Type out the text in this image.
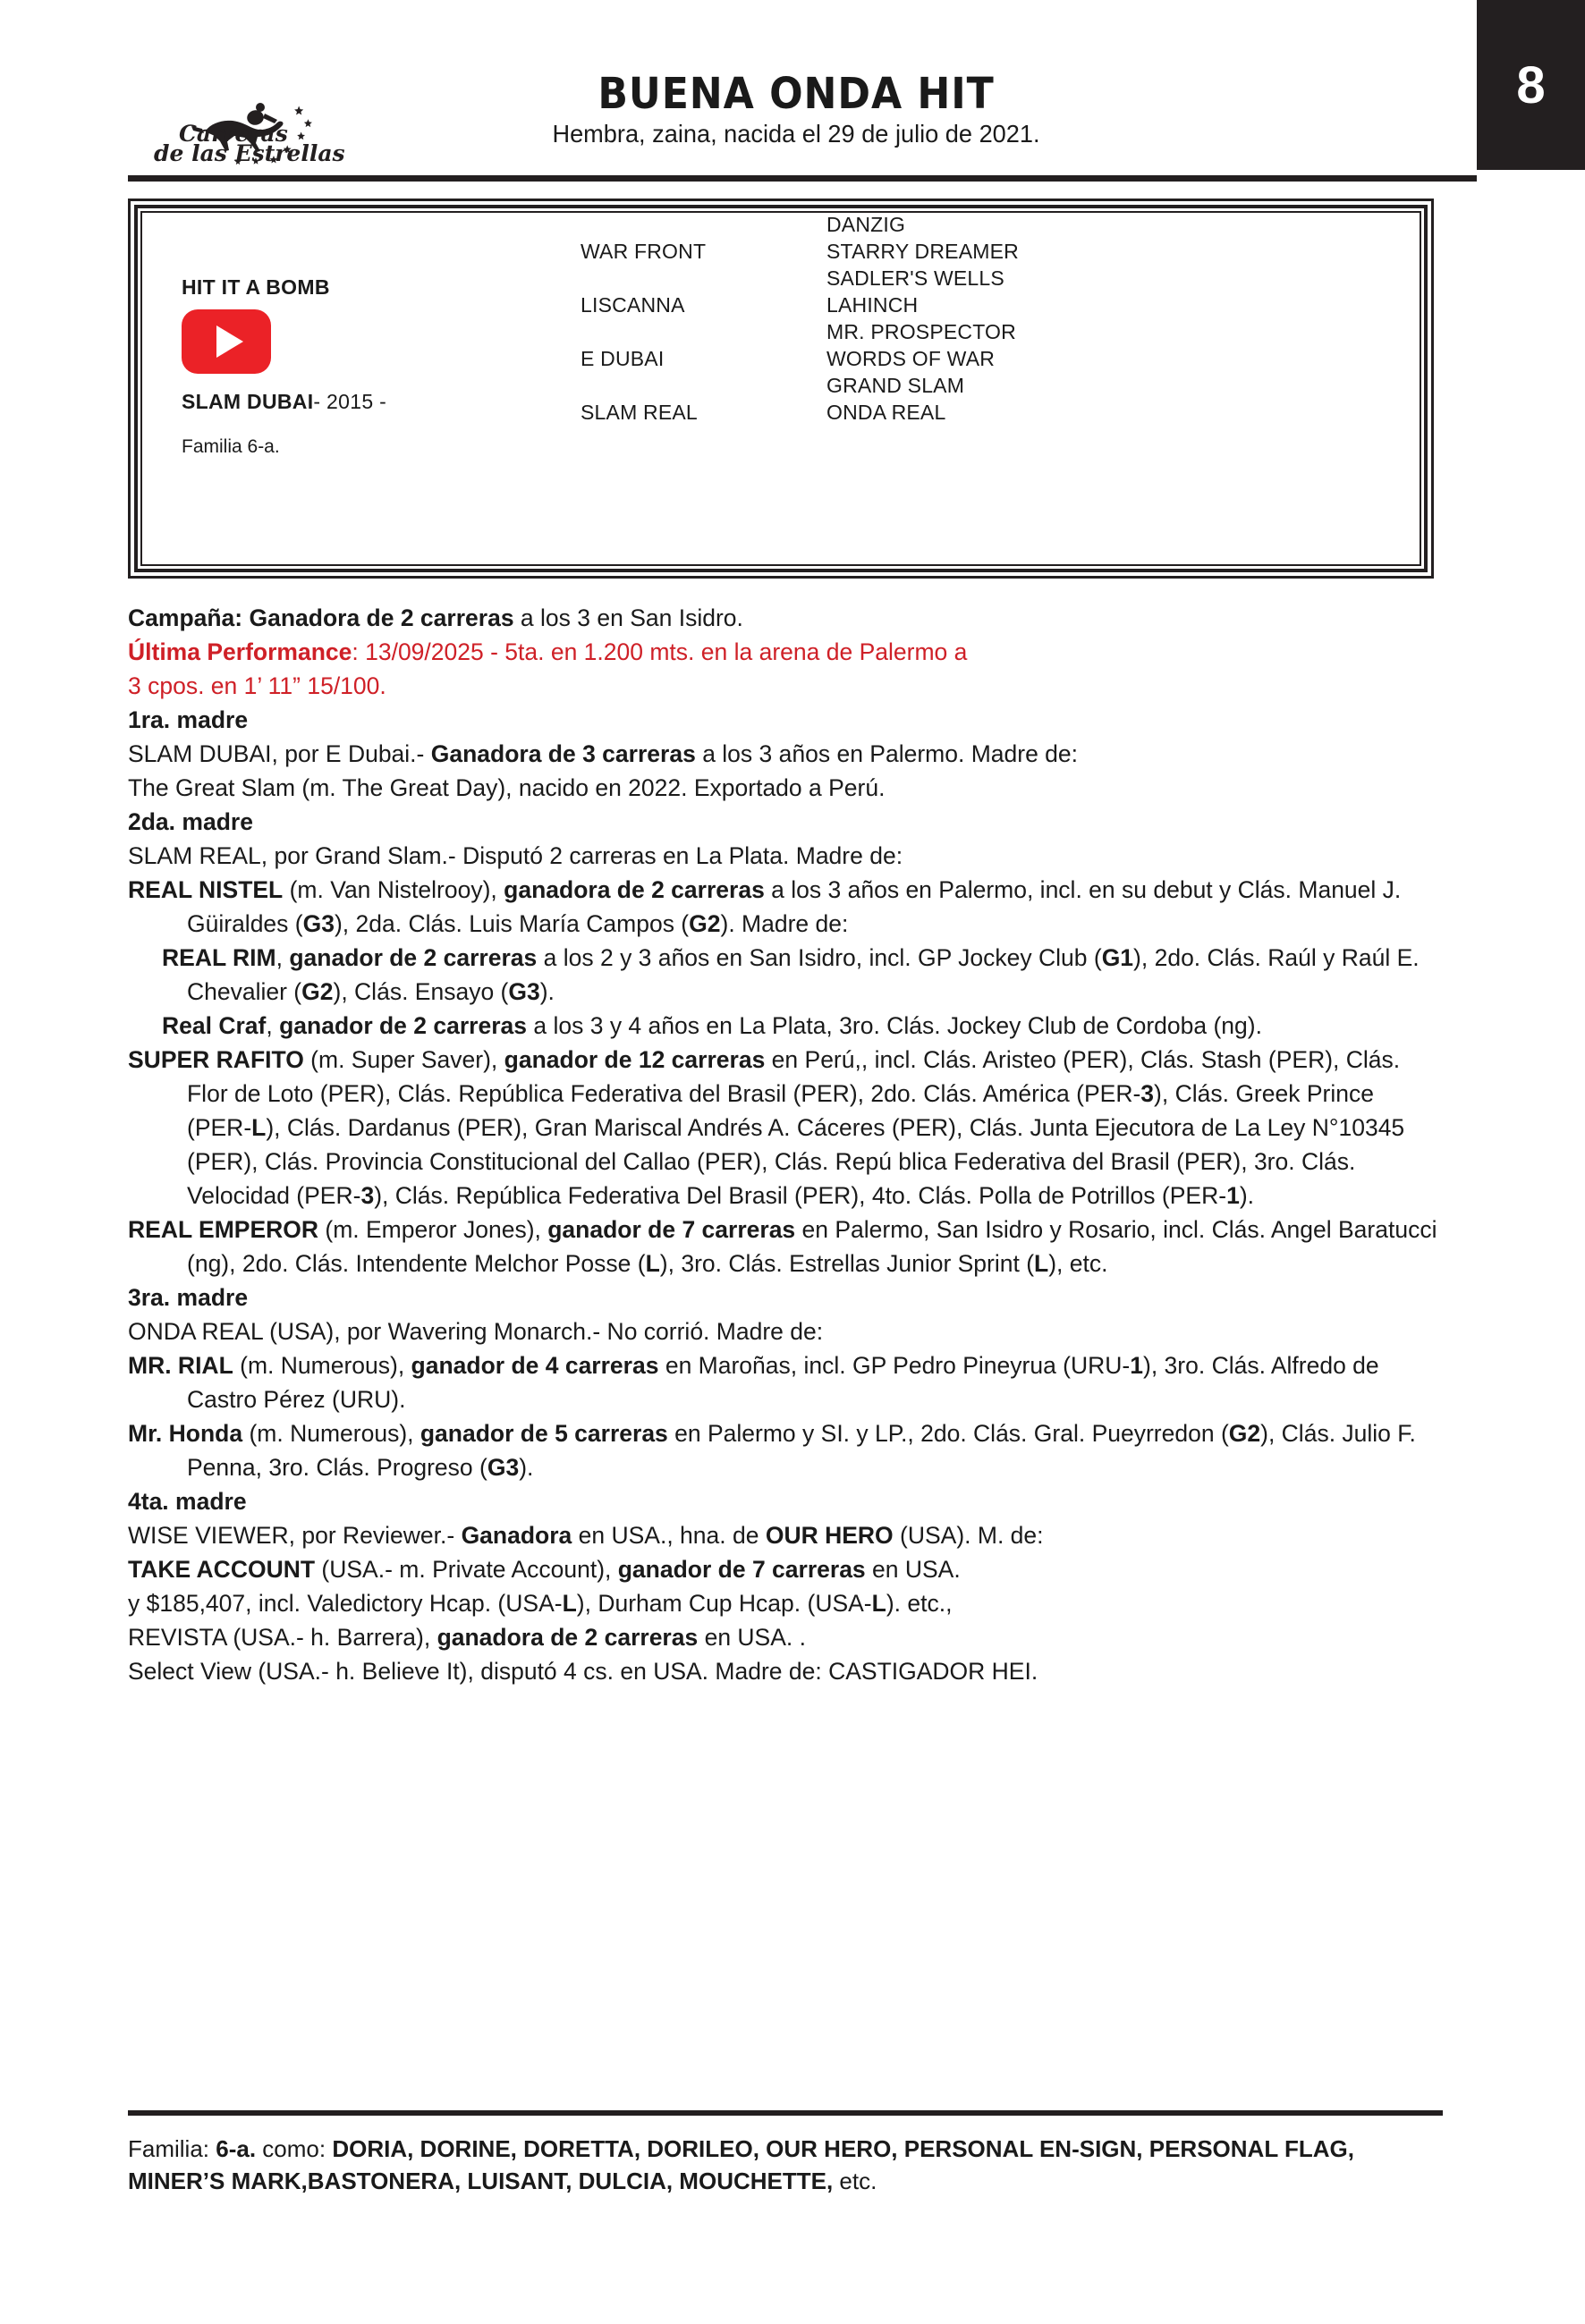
8
Carreras
de las Estrellas
BUENA ONDA HIT
Hembra, zaina, nacida el 29 de julio de 2021.
HIT IT A BOMB
SLAM DUBAI- 2015 -
Familia 6-a.
WAR FRONT
LISCANNA
E DUBAI
SLAM REAL
DANZIG
STARRY DREAMER
SADLER'S WELLS
LAHINCH
MR. PROSPECTOR
WORDS OF WAR
GRAND SLAM
ONDA REAL

Campaña: Ganadora de 2 carreras a los 3 en San Isidro.

Última Performance: 13/09/2025 - 5ta. en 1.200 mts. en la arena de Palermo a

3 cpos. en 1’ 11” 15/100.

1ra. madre

SLAM DUBAI, por E Dubai.- Ganadora de 3 carreras a los 3 años en Palermo. Madre de:

The Great Slam (m. The Great Day), nacido en 2022. Exportado a Perú.

2da. madre

SLAM REAL, por Grand Slam.- Disputó 2 carreras en La Plata. Madre de:

REAL NISTEL (m. Van Nistelrooy), ganadora de 2 carreras a los 3 años en Palermo, incl. en su debut y Clás. Manuel J. Güiraldes (G3), 2da. Clás. Luis María Campos (G2). Madre de:

REAL RIM, ganador de 2 carreras a los 2 y 3 años en San Isidro, incl. GP Jockey Club (G1), 2do. Clás. Raúl y Raúl E. Chevalier (G2), Clás. Ensayo (G3).

Real Craf, ganador de 2 carreras a los 3 y 4 años en La Plata, 3ro. Clás. Jockey Club de Cordoba (ng).

SUPER RAFITO (m. Super Saver), ganador de 12 carreras en Perú,, incl. Clás. Aristeo (PER), Clás. Stash (PER), Clás. Flor de Loto (PER), Clás. República Federativa del Brasil (PER), 2do. Clás. América (PER-3), Clás. Greek Prince (PER-L), Clás. Dardanus (PER), Gran Mariscal Andrés A. Cáceres (PER), Clás. Junta Ejecutora de La Ley N°10345 (PER), Clás. Provincia Constitucional del Callao (PER), Clás. Repú blica Federativa del Brasil (PER), 3ro. Clás. Velocidad (PER-3), Clás. República Federativa Del Brasil (PER), 4to. Clás. Polla de Potrillos (PER-1).

REAL EMPEROR (m. Emperor Jones), ganador de 7 carreras en Palermo, San Isidro y Rosario, incl. Clás. Angel Baratucci (ng), 2do. Clás. Intendente Melchor Posse (L), 3ro. Clás. Estrellas Junior Sprint (L), etc.

3ra. madre

ONDA REAL (USA), por Wavering Monarch.- No corrió. Madre de:

MR. RIAL (m. Numerous), ganador de 4 carreras en Maroñas, incl. GP Pedro Pineyrua (URU-1), 3ro. Clás. Alfredo de Castro Pérez (URU).

Mr. Honda (m. Numerous), ganador de 5 carreras en Palermo y SI. y LP., 2do. Clás. Gral. Pueyrredon (G2), Clás. Julio F. Penna, 3ro. Clás. Progreso (G3).

4ta. madre

WISE VIEWER, por Reviewer.- Ganadora en USA., hna. de OUR HERO (USA). M. de:

TAKE ACCOUNT (USA.- m. Private Account), ganador de 7 carreras en USA.

y $185,407, incl. Valedictory Hcap. (USA-L), Durham Cup Hcap. (USA-L). etc.,

REVISTA (USA.- h. Barrera), ganadora de 2 carreras en USA. .

Select View (USA.- h. Believe It), disputó 4 cs. en USA. Madre de: CASTIGADOR HEI.

Familia: 6-a. como: DORIA, DORINE, DORETTA, DORILEO, OUR HERO, PERSONAL EN-SIGN, PERSONAL FLAG, MINER’S MARK,BASTONERA, LUISANT, DULCIA, MOUCHETTE, etc.
